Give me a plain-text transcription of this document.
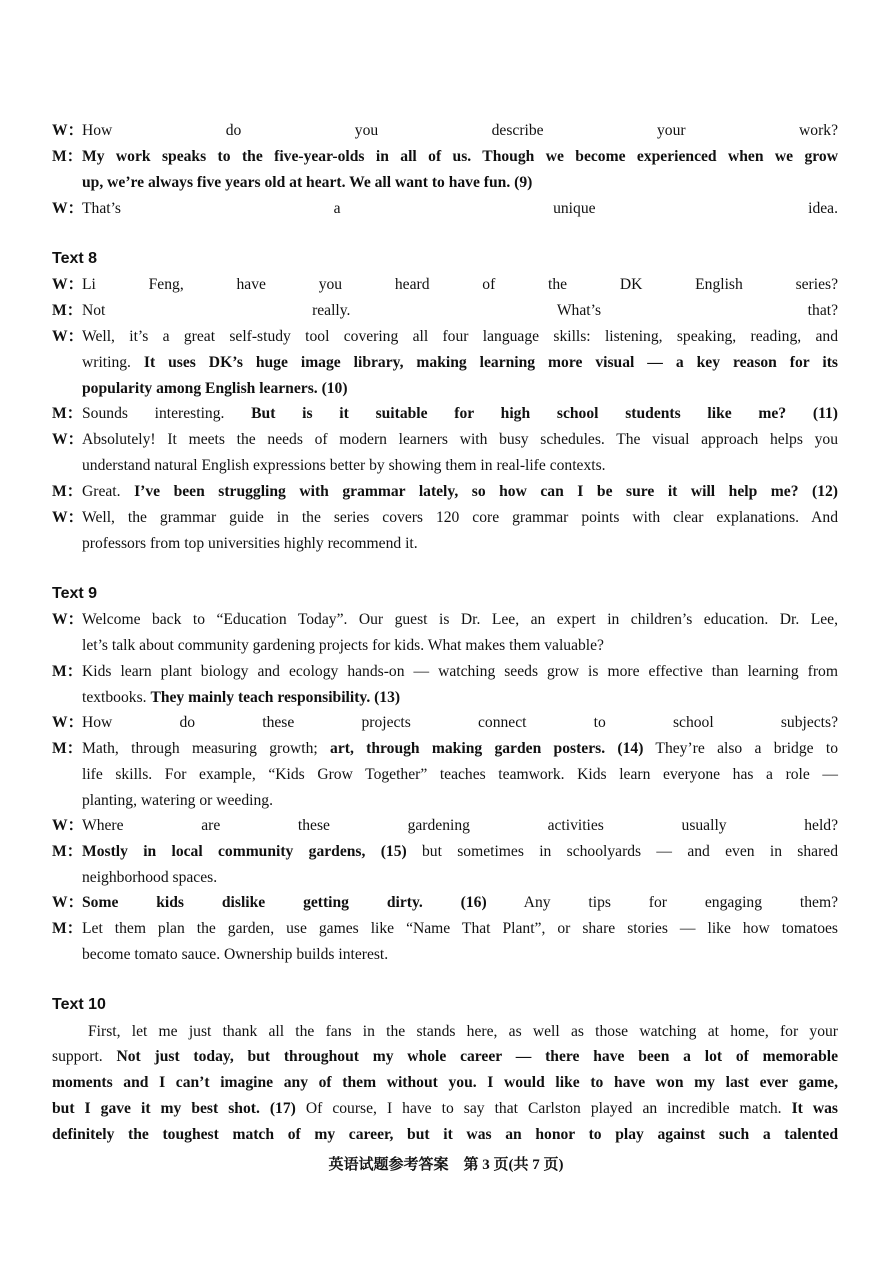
W：How do you describe your work?
M：My work speaks to the five-year-olds in all of us. Though we become experienced when we grow
up, we’re always five years old at heart. We all want to have fun. (9)
W：That’s a unique idea.
Text 8
W：Li Feng, have you heard of the DK English series?
M：Not really. What’s that?
W：Well, it’s a great self-study tool covering all four language skills: listening, speaking, reading, and
writing. It uses DK’s huge image library, making learning more visual — a key reason for its
popularity among English learners. (10)
M：Sounds interesting. But is it suitable for high school students like me? (11)
W：Absolutely! It meets the needs of modern learners with busy schedules. The visual approach helps you
understand natural English expressions better by showing them in real-life contexts.
M：Great. I’ve been struggling with grammar lately, so how can I be sure it will help me? (12)
W：Well, the grammar guide in the series covers 120 core grammar points with clear explanations. And
professors from top universities highly recommend it.
Text 9
W：Welcome back to “Education Today”. Our guest is Dr. Lee, an expert in children’s education. Dr. Lee,
let’s talk about community gardening projects for kids. What makes them valuable?
M：Kids learn plant biology and ecology hands-on — watching seeds grow is more effective than learning from
textbooks. They mainly teach responsibility. (13)
W：How do these projects connect to school subjects?
M：Math, through measuring growth; art, through making garden posters. (14) They’re also a bridge to
life skills. For example, “Kids Grow Together” teaches teamwork. Kids learn everyone has a role —
planting, watering or weeding.
W：Where are these gardening activities usually held?
M：Mostly in local community gardens, (15) but sometimes in schoolyards — and even in shared
neighborhood spaces.
W：Some kids dislike getting dirty. (16) Any tips for engaging them?
M：Let them plan the garden, use games like “Name That Plant”, or share stories — like how tomatoes
become tomato sauce. Ownership builds interest.
Text 10
First, let me just thank all the fans in the stands here, as well as those watching at home, for your
support. Not just today, but throughout my whole career — there have been a lot of memorable
moments and I can’t imagine any of them without you. I would like to have won my last ever game,
but I gave it my best shot. (17) Of course, I have to say that Carlston played an incredible match. It was
definitely the toughest match of my career, but it was an honor to play against such a talented
英语试题参考答案　第 3 页(共 7 页)
